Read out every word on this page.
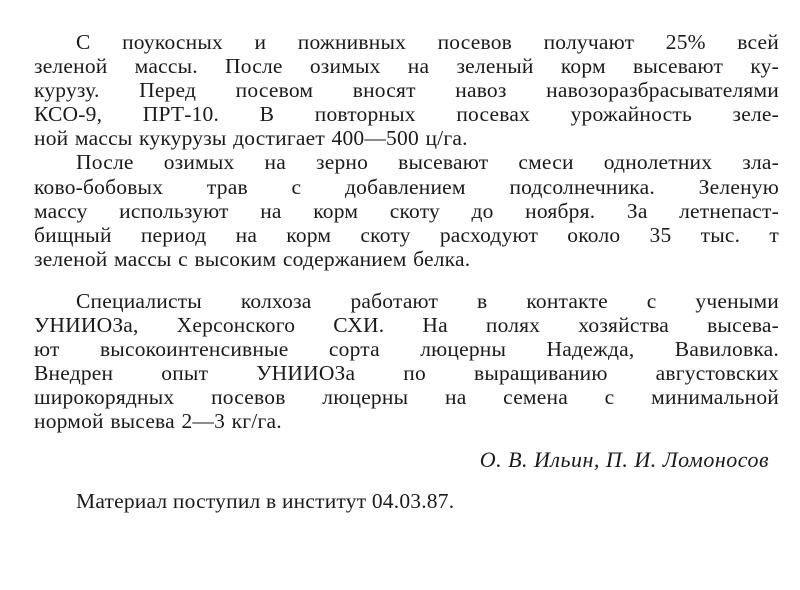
С поукосных и пожнивных посевов получают 25% всей
зеленой массы. После озимых на зеленый корм высевают ку-
курузу. Перед посевом вносят навоз навозоразбрасывателями
КСО-9, ПРТ-10. В повторных посевах урожайность зеле-
ной массы кукурузы достигает 400—500 ц/га.

После озимых на зерно высевают смеси однолетних зла-
ково-бобовых трав с добавлением подсолнечника. Зеленую
массу используют на корм скоту до ноября. За летнепаст-
бищный период на корм скоту расходуют около 35 тыс. т
зеленой массы с высоким содержанием белка.

Специалисты колхоза работают в контакте с учеными
УНИИОЗа, Херсонского СХИ. На полях хозяйства высева-
ют высокоинтенсивные сорта люцерны Надежда, Вавиловка.
Внедрен опыт УНИИОЗа по выращиванию августовских
широкорядных посевов люцерны на семена с минимальной
нормой высева 2—3 кг/га.

О. В. Ильин, П. И. Ломоносов

Материал поступил в институт 04.03.87.
